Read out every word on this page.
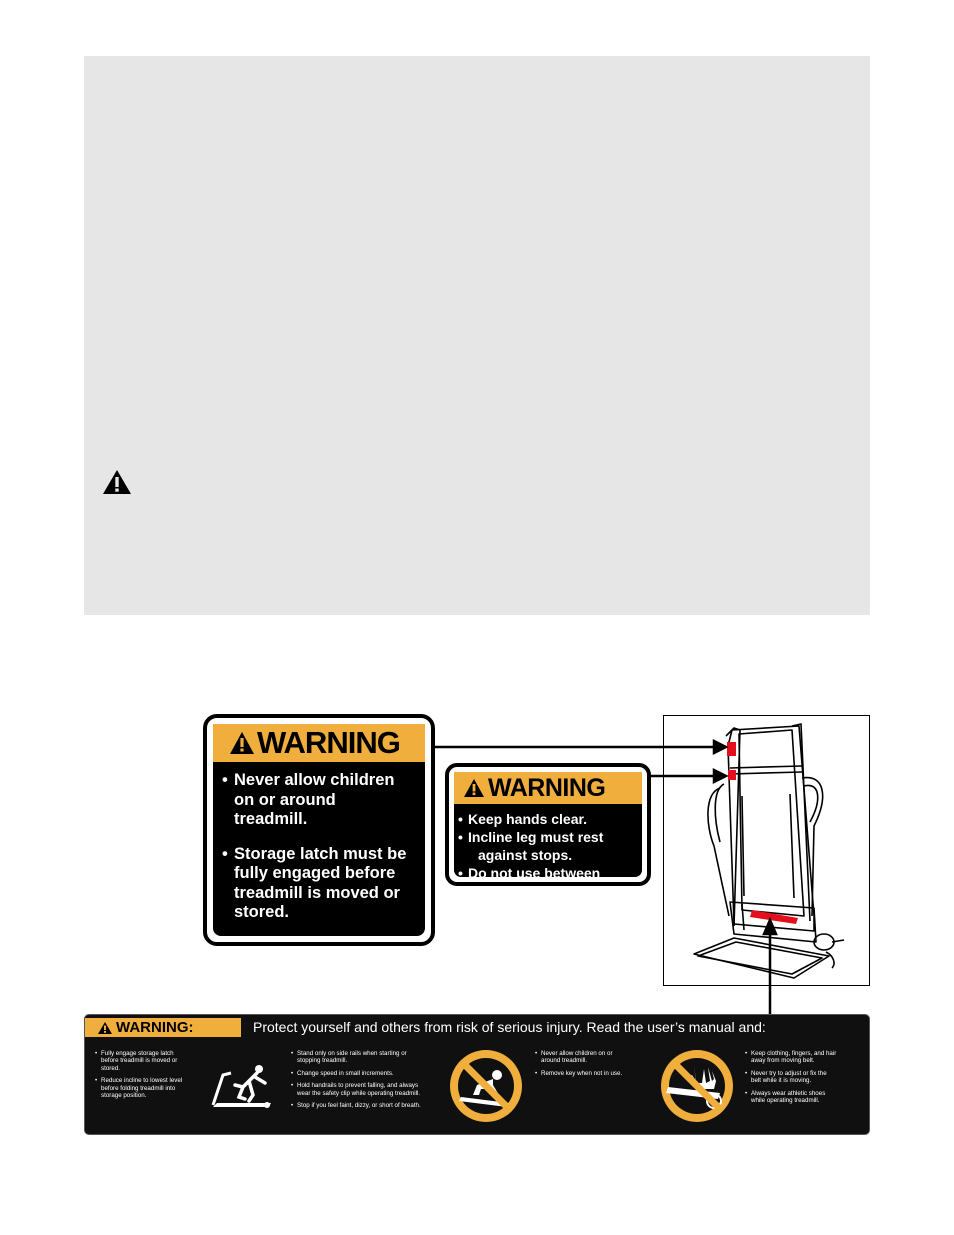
WARNING
• Never allow children
on or around
treadmill.
• Storage latch must be
fully engaged before
treadmill is moved or
stored.
WARNING
• Keep hands clear.
• Incline leg must rest
against stops.
• Do not use between stops.
WARNING:	Protect yourself and others from risk of serious injury. Read the user’s manual and:
• Fully engage storage latch
before treadmill is moved or
stored.
• Reduce incline to lowest level
before folding treadmill into
storage position.
• Stand only on side rails when starting or
stopping treadmill.
• Change speed in small increments.
• Hold handrails to prevent falling, and always
wear the safety clip while operating treadmill.
• Stop if you feel faint, dizzy, or short of breath.
• Never allow children on or
around treadmill.
• Remove key when not in use.
• Keep clothing, fingers, and hair
away from moving belt.
• Never try to adjust or fix the
belt while it is moving.
• Always wear athletic shoes
while operating treadmill.
